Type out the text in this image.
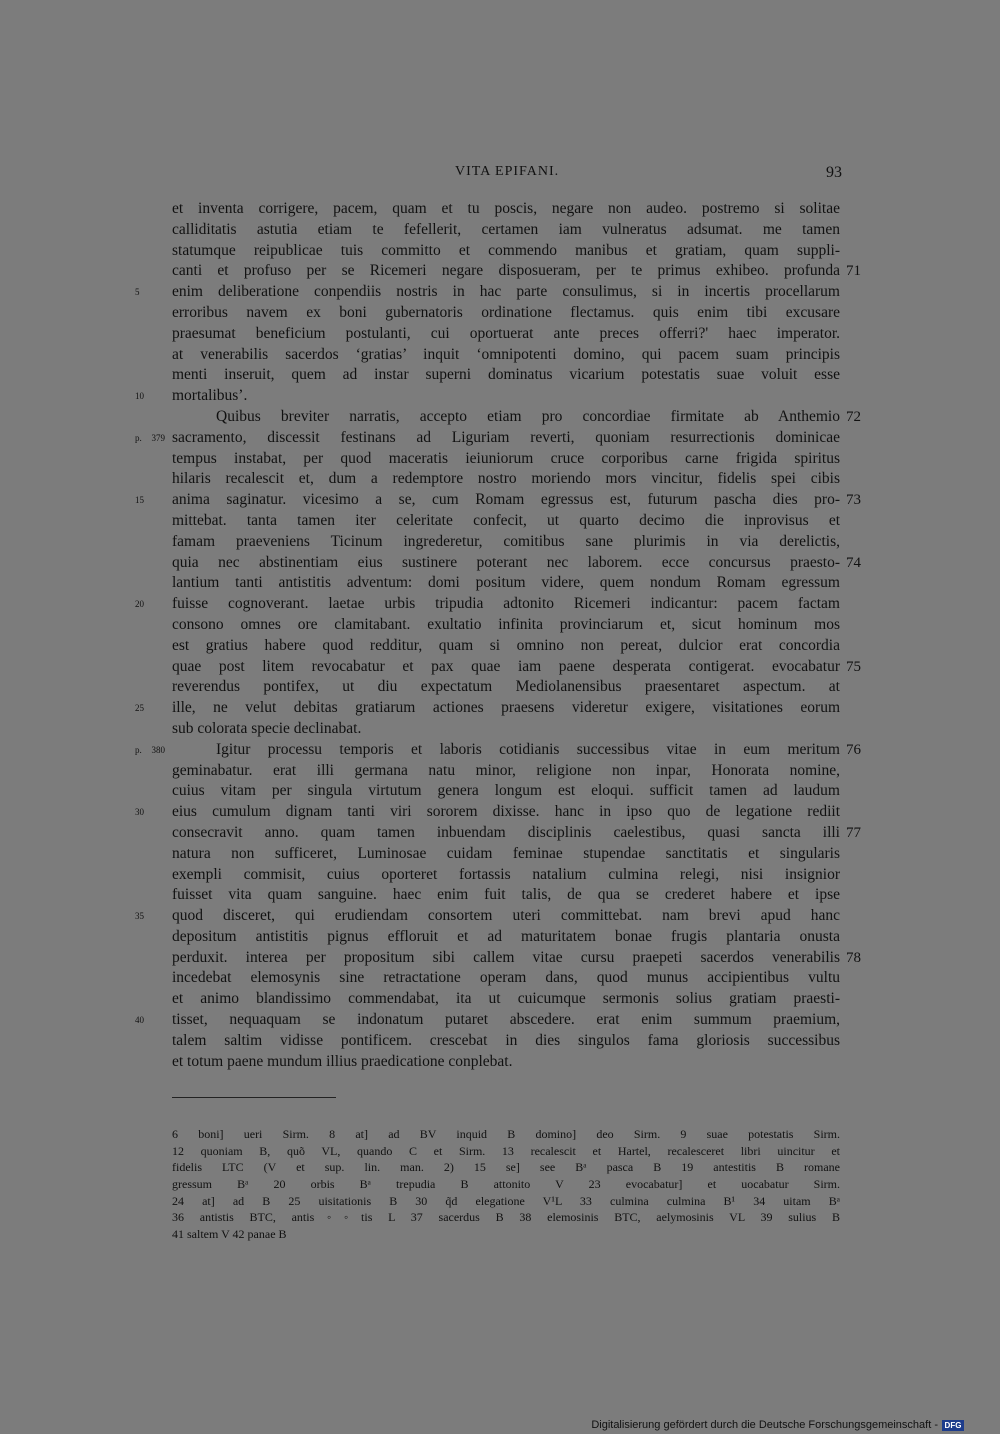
VITA EPIFANI.	93
et inventa corrigere, pacem, quam et tu poscis, negare non audeo. postremo si solitae
calliditatis astutia etiam te fefellerit, certamen iam vulneratus adsumat. me tamen
statumque reipublicae tuis committo et commendo manibus et gratiam, quam suppli-
canti et profuso per se Ricemeri negare disposueram, per te primus exhibeo. profunda 71
enim deliberatione conpendiis nostris in hac parte consulimus, si in incertis procellarum
5
erroribus navem ex boni gubernatoris ordinatione flectamus. quis enim tibi excusare
praesumat beneficium postulanti, cui oportuerat ante preces offerri?' haec imperator.
at venerabilis sacerdos ‘gratias’ inquit ‘omnipotenti domino, qui pacem suam principis
menti inseruit, quem ad instar superni dominatus vicarium potestatis suae voluit esse
mortalibus’.
10
Quibus breviter narratis, accepto etiam pro concordiae firmitate ab Anthemio 72
sacramento, discessit festinans ad Liguriam reverti, quoniam resurrectionis dominicae
p. 379
tempus instabat, per quod maceratis ieiuniorum cruce corporibus carne frigida spiritus
hilaris recalescit et, dum a redemptore nostro moriendo mors vincitur, fidelis spei cibis
anima saginatur. vicesimo a se, cum Romam egressus est, futurum pascha dies pro-
15	73
mittebat. tanta tamen iter celeritate confecit, ut quarto decimo die inprovisus et
famam praeveniens Ticinum ingrederetur, comitibus sane plurimis in via derelictis,
quia nec abstinentiam eius sustinere poterant nec laborem. ecce concursus praesto- 74
lantium tanti antistitis adventum: domi positum videre, quem nondum Romam egressum
fuisse cognoverant. laetae urbis tripudia adtonito Ricemeri indicantur: pacem factam
20
consono omnes ore clamitabant. exultatio infinita provinciarum et, sicut hominum mos
est gratius habere quod redditur, quam si omnino non pereat, dulcior erat concordia
quae post litem revocabatur et pax quae iam paene desperata contigerat. evocabatur 75
reverendus pontifex, ut diu expectatum Mediolanensibus praesentaret aspectum. at
ille, ne velut debitas gratiarum actiones praesens videretur exigere, visitationes eorum
25
sub colorata specie declinabat.
Igitur processu temporis et laboris cotidianis successibus vitae in eum meritum
p. 380	76
geminabatur. erat illi germana natu minor, religione non inpar, Honorata nomine,
cuius vitam per singula virtutum genera longum est eloqui. sufficit tamen ad laudum
eius cumulum dignam tanti viri sororem dixisse. hanc in ipso quo de legatione rediit
30
consecravit anno. quam tamen inbuendam disciplinis caelestibus, quasi sancta illi 77
natura non sufficeret, Luminosae cuidam feminae stupendae sanctitatis et singularis
exempli commisit, cuius oporteret fortassis natalium culmina relegi, nisi insignior
fuisset vita quam sanguine. haec enim fuit talis, de qua se crederet habere et ipse
quod disceret, qui erudiendam consortem uteri committebat. nam brevi apud hanc
35
depositum antistitis pignus effloruit et ad maturitatem bonae frugis plantaria onusta
perduxit. interea per propositum sibi callem vitae cursu praepeti sacerdos venerabilis 78
incedebat elemosynis sine retractatione operam dans, quod munus accipientibus vultu
et animo blandissimo commendabat, ita ut cuicumque sermonis solius gratiam praesti-
tisset, nequaquam se indonatum putaret abscedere. erat enim summum praemium,
40
talem saltim vidisse pontificem. crescebat in dies singulos fama gloriosis successibus
et totum paene mundum illius praedicatione conplebat.
6 boni] ueri Sirm. 8 at] ad BV inquid B domino] deo Sirm. 9 suae potestatis Sirm.
12 quoniam B, quõ VL, quando C et Sirm. 13 recalescit et Hartel, recalesceret libri uincitur et
fidelis LTC (V et sup. lin. man. 2) 15 se] see Bᵃ pasca B 19 antestitis B romane
gressum Bᵃ 20 orbis Bᵃ trepudia B attonito V 23 evocabatur] et uocabatur Sirm.
24 at] ad B 25 uisitationis B 30 q̃d elegatione V¹L 33 culmina culmina B¹ 34 uitam Bᵃ
36 antistis BTC, antis◦◦tis L 37 sacerdus B 38 elemosinis BTC, aelymosinis VL 39 sulius B
41 saltem V 42 panae B
Digitalisierung gefördert durch die Deutsche Forschungsgemeinschaft - DFG
